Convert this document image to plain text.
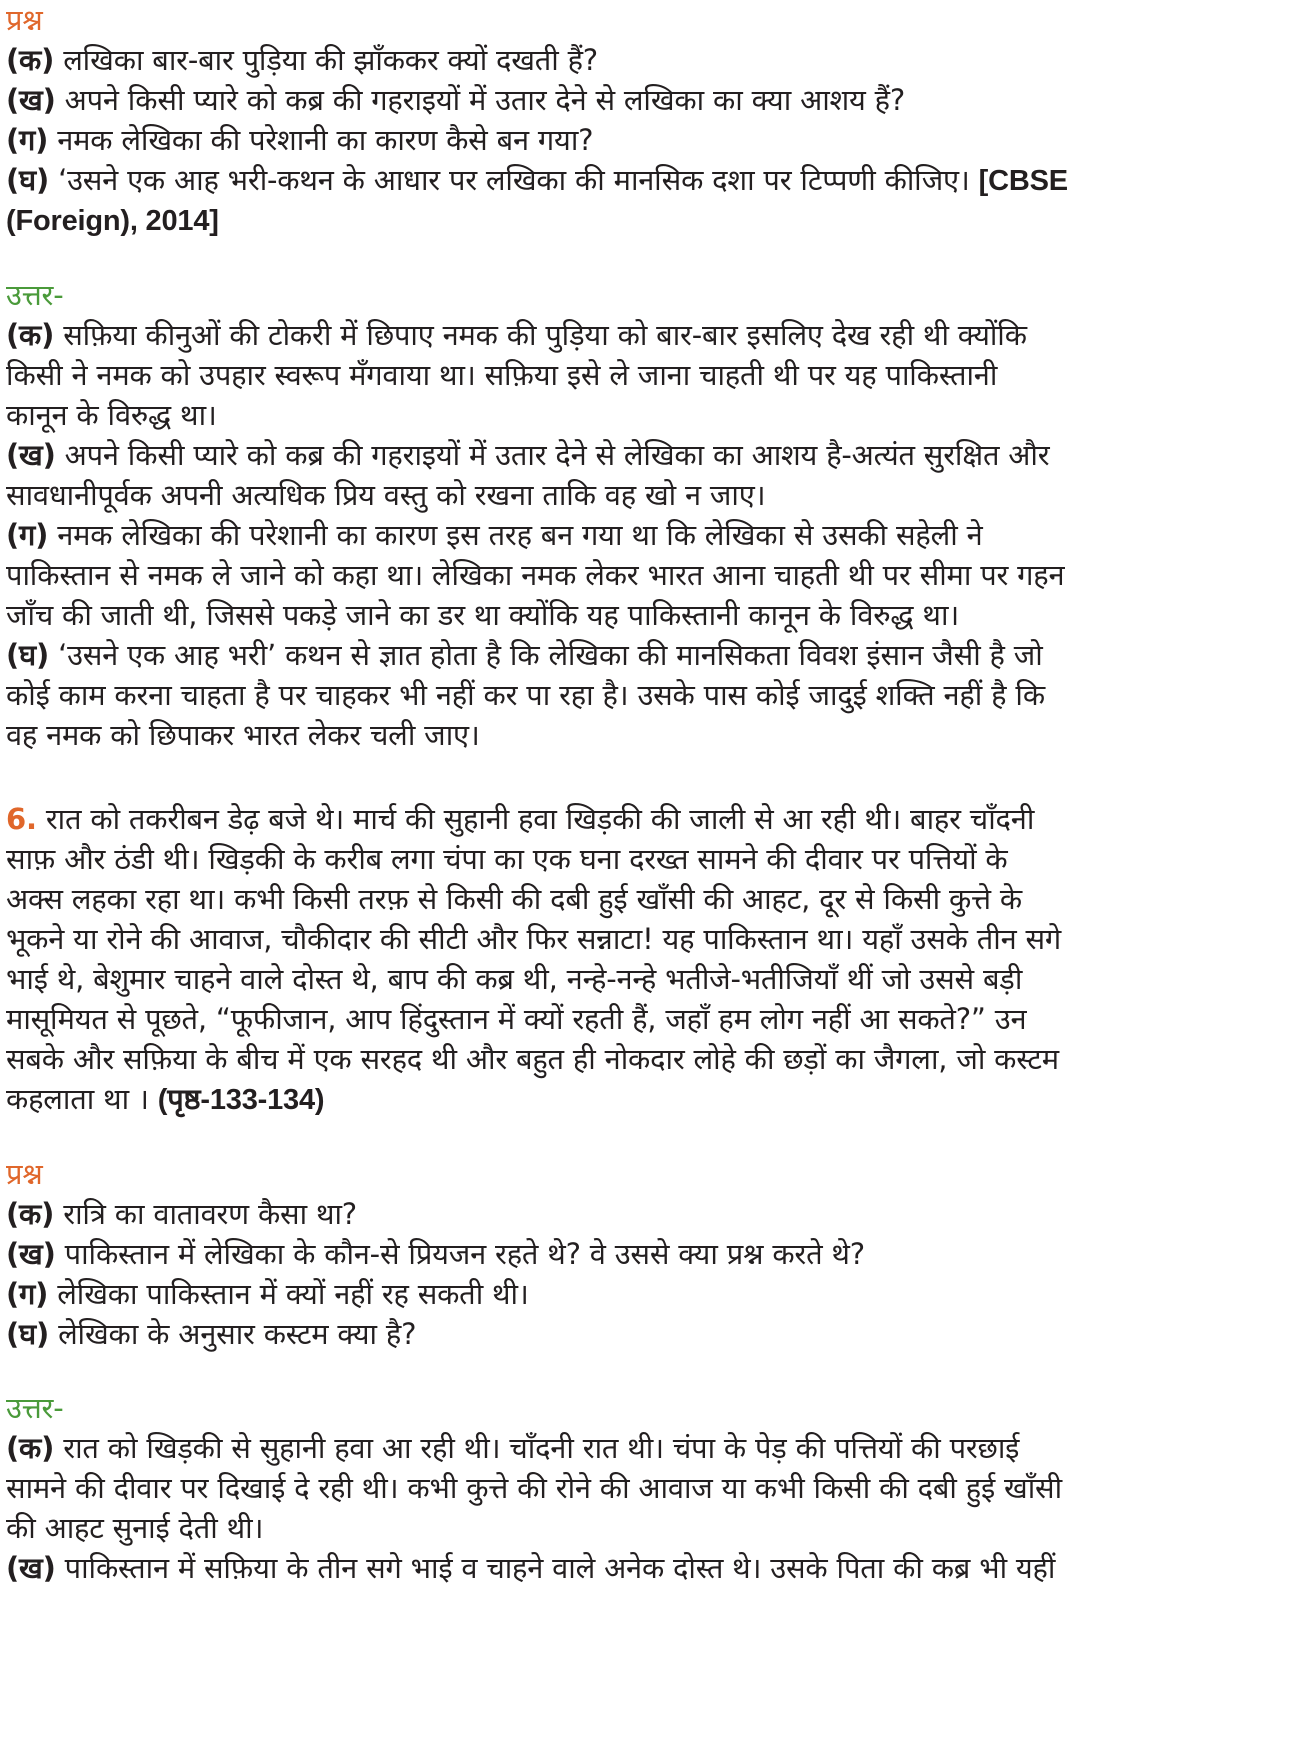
प्रश्न
(क) लखिका बार-बार पुड़िया की झाँककर क्यों दखती हैं?
(ख) अपने किसी प्यारे को कब्र की गहराइयों में उतार देने से लखिका का क्या आशय हैं?
(ग) नमक लेखिका की परेशानी का कारण कैसे बन गया?
(घ) ‘उसने एक आह भरी-कथन के आधार पर लखिका की मानसिक दशा पर टिप्पणी कीजिए। [CBSE
(Foreign), 2014]
उत्तर-
(क) सफ़िया कीनुओं की टोकरी में छिपाए नमक की पुड़िया को बार-बार इसलिए देख रही थी क्योंकि
किसी ने नमक को उपहार स्वरूप मँगवाया था। सफ़िया इसे ले जाना चाहती थी पर यह पाकिस्तानी
कानून के विरुद्ध था।
(ख) अपने किसी प्यारे को कब्र की गहराइयों में उतार देने से लेखिका का आशय है-अत्यंत सुरक्षित और
सावधानीपूर्वक अपनी अत्यधिक प्रिय वस्तु को रखना ताकि वह खो न जाए।
(ग) नमक लेखिका की परेशानी का कारण इस तरह बन गया था कि लेखिका से उसकी सहेली ने
पाकिस्तान से नमक ले जाने को कहा था। लेखिका नमक लेकर भारत आना चाहती थी पर सीमा पर गहन
जाँच की जाती थी, जिससे पकड़े जाने का डर था क्योंकि यह पाकिस्तानी कानून के विरुद्ध था।
(घ) ‘उसने एक आह भरी’ कथन से ज्ञात होता है कि लेखिका की मानसिकता विवश इंसान जैसी है जो
कोई काम करना चाहता है पर चाहकर भी नहीं कर पा रहा है। उसके पास कोई जादुई शक्ति नहीं है कि
वह नमक को छिपाकर भारत लेकर चली जाए।
6. रात को तकरीबन डेढ़ बजे थे। मार्च की सुहानी हवा खिड़की की जाली से आ रही थी। बाहर चाँदनी
साफ़ और ठंडी थी। खिड़की के करीब लगा चंपा का एक घना दरख्त सामने की दीवार पर पत्तियों के
अक्स लहका रहा था। कभी किसी तरफ़ से किसी की दबी हुई खाँसी की आहट, दूर से किसी कुत्ते के
भूकने या रोने की आवाज, चौकीदार की सीटी और फिर सन्नाटा! यह पाकिस्तान था। यहाँ उसके तीन सगे
भाई थे, बेशुमार चाहने वाले दोस्त थे, बाप की कब्र थी, नन्हे-नन्हे भतीजे-भतीजियाँ थीं जो उससे बड़ी
मासूमियत से पूछते, “फूफीजान, आप हिंदुस्तान में क्यों रहती हैं, जहाँ हम लोग नहीं आ सकते?” उन
सबके और सफ़िया के बीच में एक सरहद थी और बहुत ही नोकदार लोहे की छड़ों का जैगला, जो कस्टम
कहलाता था । (पृष्ठ-133-134)
प्रश्न
(क) रात्रि का वातावरण कैसा था?
(ख) पाकिस्तान में लेखिका के कौन-से प्रियजन रहते थे? वे उससे क्या प्रश्न करते थे?
(ग) लेखिका पाकिस्तान में क्यों नहीं रह सकती थी।
(घ) लेखिका के अनुसार कस्टम क्या है?
उत्तर-
(क) रात को खिड़की से सुहानी हवा आ रही थी। चाँदनी रात थी। चंपा के पेड़ की पत्तियों की परछाई
सामने की दीवार पर दिखाई दे रही थी। कभी कुत्ते की रोने की आवाज या कभी किसी की दबी हुई खाँसी
की आहट सुनाई देती थी।
(ख) पाकिस्तान में सफ़िया के तीन सगे भाई व चाहने वाले अनेक दोस्त थे। उसके पिता की कब्र भी यहीं
